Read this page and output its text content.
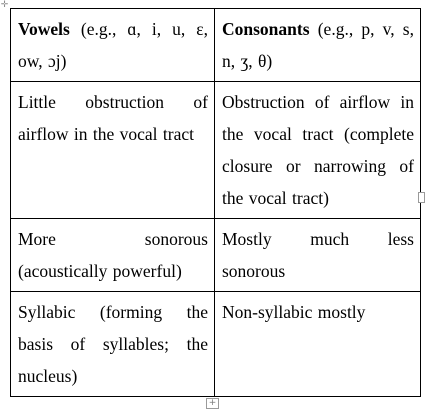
✛
Vowels (e.g., ɑ, i, u, ɛ, ow, ɔj)	Consonants (e.g., p, v, s, n, ʒ, θ)
Little obstruction of airflow in the vocal tract	Obstruction of airflow in the vocal tract (complete closure or narrowing of the vocal tract)
More sonorous (acoustically powerful)	Mostly much less sonorous
Syllabic (forming the basis of syllables; the nucleus)	Non-syllabic mostly
+
